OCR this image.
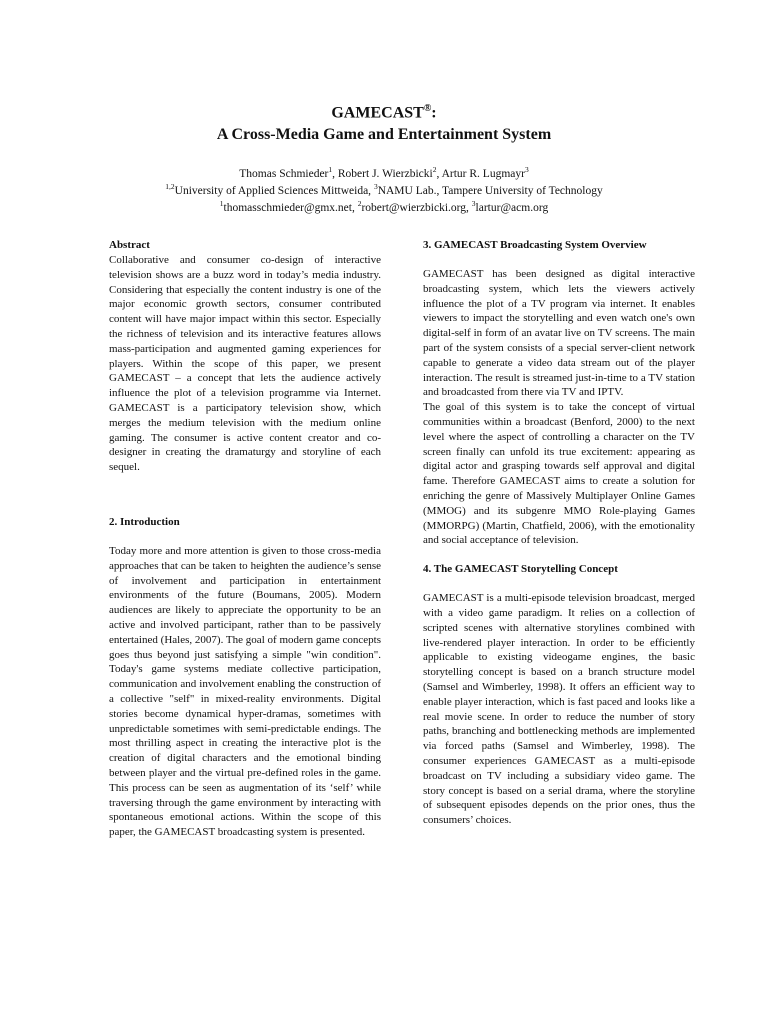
GAMECAST®:

A Cross-Media Game and Entertainment System

Thomas Schmieder$^1$, Robert J. Wierzbicki$^2$, Artur R. Lugmayr$^3$

$^{1,2}$University of Applied Sciences Mittweida, $^3$NAMU Lab., Tampere University of Technology

$^1$thomasschmieder@gmx.net, $^2$robert@wierzbicki.org, $^3$lartur@acm.org

Abstract

Collaborative and consumer co-design of interactive television shows are a buzz word in today’s media industry. Considering that especially the content industry is one of the major economic growth sectors, consumer contributed content will have major impact within this sector. Especially the richness of television and its interactive features allows mass-participation and augmented gaming experiences for players. Within the scope of this paper, we present GAMECAST – a concept that lets the audience actively influence the plot of a television programme via Internet. GAMECAST is a participatory television show, which merges the medium television with the medium online gaming. The consumer is active content creator and co-designer in creating the dramaturgy and storyline of each sequel.

2. Introduction

Today more and more attention is given to those cross-media approaches that can be taken to heighten the audience’s sense of involvement and participation in entertainment environments of the future (Boumans, 2005). Modern audiences are likely to appreciate the opportunity to be an active and involved participant, rather than to be passively entertained (Hales, 2007). The goal of modern game concepts goes thus beyond just satisfying a simple "win condition". Today's game systems mediate collective participation, communication and involvement enabling the construction of a collective "self" in mixed-reality environments. Digital stories become dynamical hyper-dramas, sometimes with unpredictable sometimes with semi-predictable endings. The most thrilling aspect in creating the interactive plot is the creation of digital characters and the emotional binding between player and the virtual pre-defined roles in the game. This process can be seen as augmentation of its ‘self’ while traversing through the game environment by interacting with spontaneous emotional actions. Within the scope of this paper, the GAMECAST broadcasting system is presented.

3. GAMECAST Broadcasting System Overview

GAMECAST has been designed as digital interactive broadcasting system, which lets the viewers actively influence the plot of a TV program via internet. It enables viewers to impact the storytelling and even watch one's own digital-self in form of an avatar live on TV screens. The main part of the system consists of a special server-client network capable to generate a video data stream out of the player interaction. The result is streamed just-in-time to a TV station and broadcasted from there via TV and IPTV.

The goal of this system is to take the concept of virtual communities within a broadcast (Benford, 2000) to the next level where the aspect of controlling a character on the TV screen finally can unfold its true excitement: appearing as digital actor and grasping towards self approval and digital fame. Therefore GAMECAST aims to create a solution for enriching the genre of Massively Multiplayer Online Games (MMOG) and its subgenre MMO Role-playing Games (MMORPG) (Martin, Chatfield, 2006), with the emotionality and social acceptance of television.

4. The GAMECAST Storytelling Concept

GAMECAST is a multi-episode television broadcast, merged with a video game paradigm. It relies on a collection of scripted scenes with alternative storylines combined with live-rendered player interaction. In order to be efficiently applicable to existing videogame engines, the basic storytelling concept is based on a branch structure model (Samsel and Wimberley, 1998). It offers an efficient way to enable player interaction, which is fast paced and looks like a real movie scene. In order to reduce the number of story paths, branching and bottlenecking methods are implemented via forced paths (Samsel and Wimberley, 1998). The consumer experiences GAMECAST as a multi-episode broadcast on TV including a subsidiary video game. The story concept is based on a serial drama, where the storyline of subsequent episodes depends on the prior ones, thus the consumers’ choices.
